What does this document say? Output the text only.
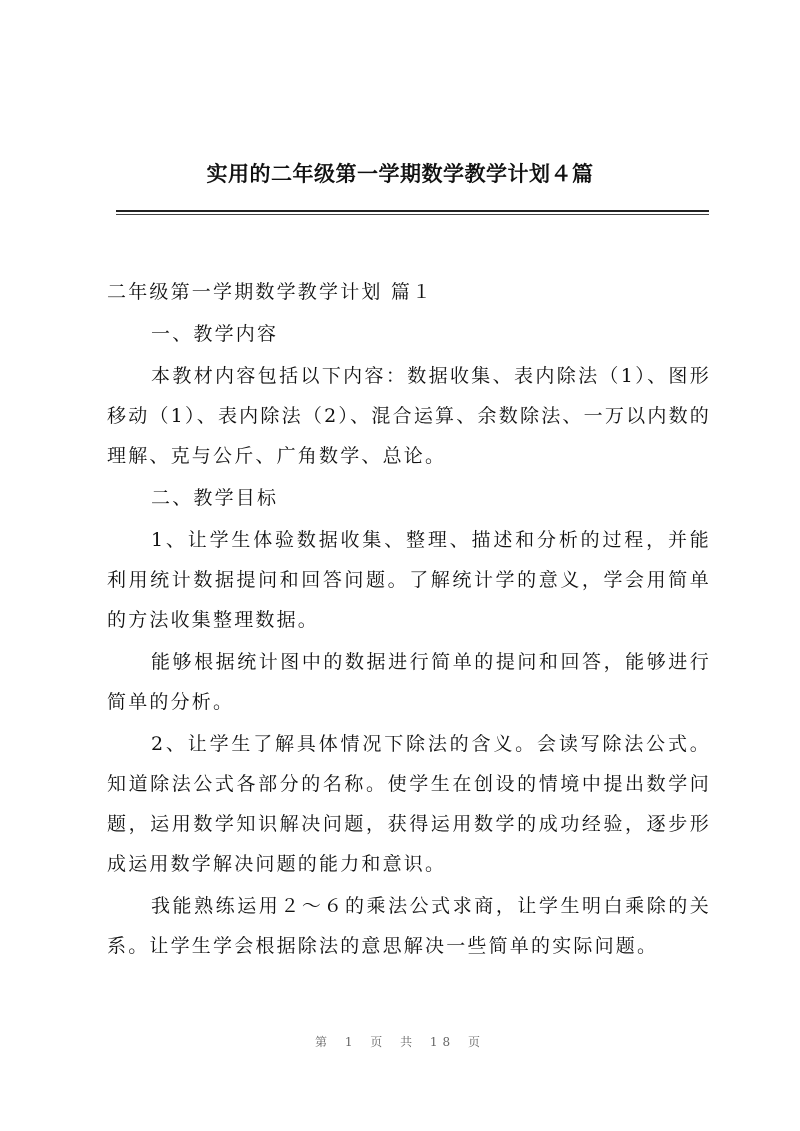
实用的二年级第一学期数学教学计划４篇

二年级第一学期数学教学计划 篇１

一、教学内容

本教材内容包括以下内容：数据收集、表内除法（1）、图形移动（1）、表内除法（2）、混合运算、余数除法、一万以内数的理解、克与公斤、广角数学、总论。

二、教学目标

1、让学生体验数据收集、整理、描述和分析的过程，并能利用统计数据提问和回答问题。了解统计学的意义，学会用简单的方法收集整理数据。

能够根据统计图中的数据进行简单的提问和回答，能够进行简单的分析。

2、让学生了解具体情况下除法的含义。会读写除法公式。知道除法公式各部分的名称。使学生在创设的情境中提出数学问题，运用数学知识解决问题，获得运用数学的成功经验，逐步形成运用数学解决问题的能力和意识。

我能熟练运用２～６的乘法公式求商，让学生明白乘除的关系。让学生学会根据除法的意思解决一些简单的实际问题。

第 1 页 共 18 页
